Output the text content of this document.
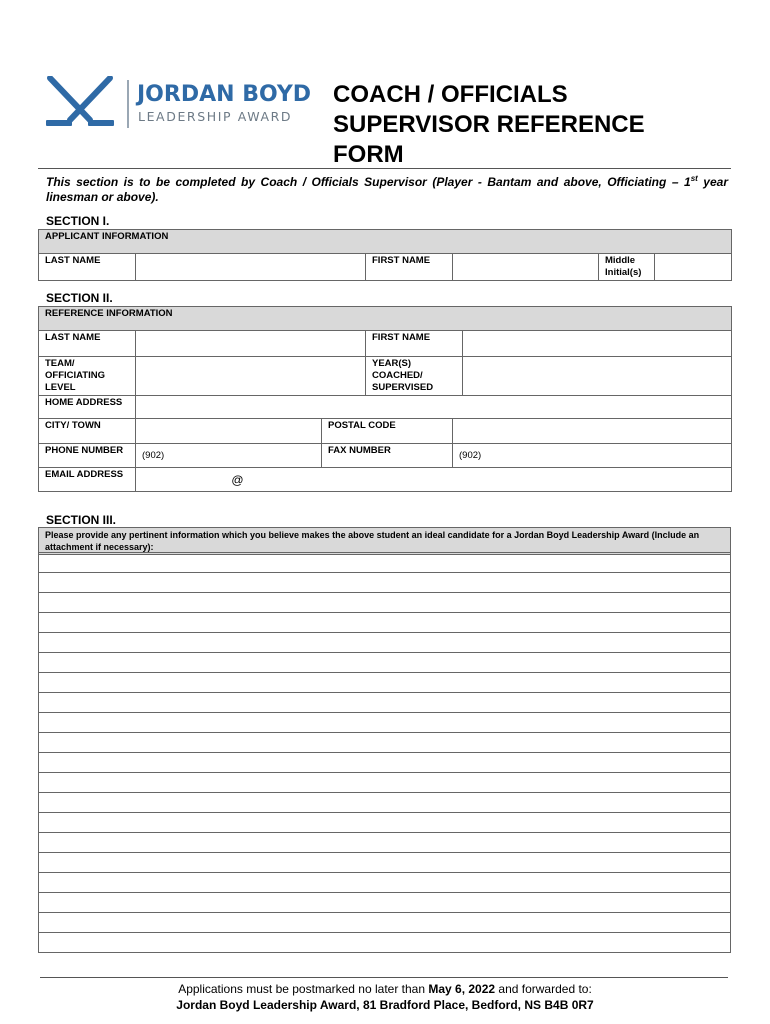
JORDAN BOYD
LEADERSHIP AWARD
COACH / OFFICIALS
SUPERVISOR REFERENCE
FORM
This section is to be completed by Coach / Officials Supervisor (Player - Bantam and above, Officiating – 1st year linesman or above).
SECTION I.
APPLICANT INFORMATION
LAST NAME		FIRST NAME		Middle Initial(s)	
SECTION II.
REFERENCE INFORMATION					
LAST NAME			FIRST NAME		
TEAM/ OFFICIATING LEVEL			YEAR(S) COACHED/ SUPERVISED		
HOME ADDRESS					
CITY/ TOWN		POSTAL CODE			
PHONE NUMBER	(902)	FAX NUMBER		(902)	
EMAIL ADDRESS	@				
SECTION III.
Please provide any pertinent information which you believe makes the above student an ideal candidate for a Jordan Boyd Leadership Award (Include an attachment if necessary):
Applications must be postmarked no later than May 6, 2022 and forwarded to:
Jordan Boyd Leadership Award, 81 Bradford Place, Bedford, NS B4B 0R7
